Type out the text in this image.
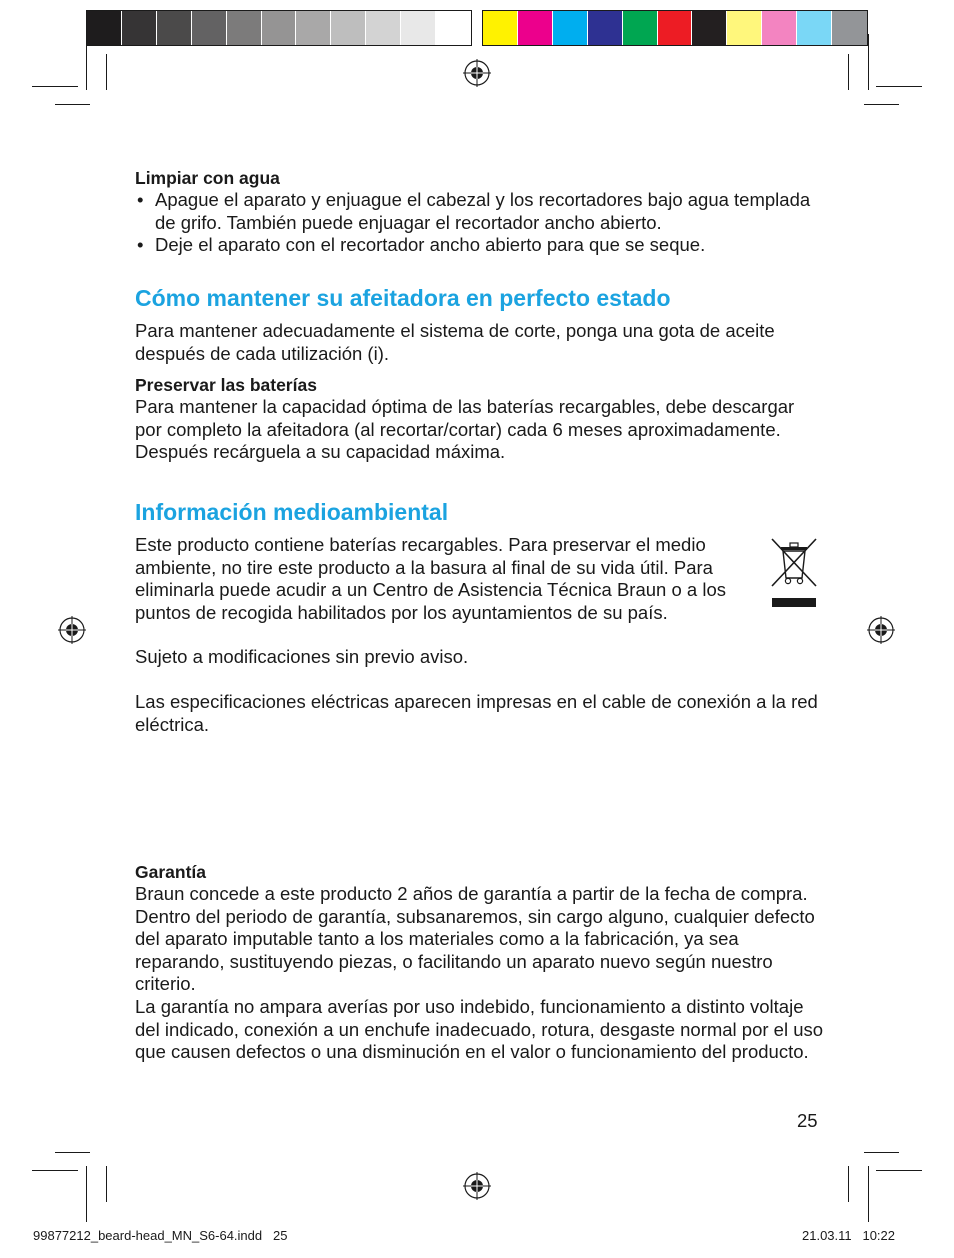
Limpiar con agua
• Apague el aparato y enjuague el cabezal y los recortadores bajo agua templada de grifo. También puede enjuagar el recortador ancho abierto.
• Deje el aparato con el recortador ancho abierto para que se seque.
Cómo mantener su afeitadora en perfecto estado

Para mantener adecuadamente el sistema de corte, ponga una gota de aceite después de cada utilización (i).

Preservar las baterías

Para mantener la capacidad óptima de las baterías recargables, debe descargar por completo la afeitadora (al recortar/cortar) cada 6 meses aproximadamente. Después recárguela a su capacidad máxima.

Información medioambiental

Este producto contiene baterías recargables. Para preservar el medio ambiente, no tire este producto a la basura al final de su vida útil. Para eliminarla puede acudir a un Centro de Asistencia Técnica Braun o a los puntos de recogida habilitados por los ayuntamientos de su país.

Sujeto a modificaciones sin previo aviso.

Las especificaciones eléctricas aparecen impresas en el cable de conexión a la red eléctrica.

Garantía

Braun concede a este producto 2 años de garantía a partir de la fecha de compra.

Dentro del periodo de garantía, subsanaremos, sin cargo alguno, cualquier defecto del aparato imputable tanto a los materiales como a la fabricación, ya sea reparando, sustituyendo piezas, o facilitando un aparato nuevo según nuestro criterio.

La garantía no ampara averías por uso indebido, funcionamiento a distinto voltaje del indicado, conexión a un enchufe inadecuado, rotura, desgaste normal por el uso que causen defectos o una disminución en el valor o funcionamiento del producto.

25
99877212_beard-head_MN_S6-64.indd   25	21.03.11   10:22
